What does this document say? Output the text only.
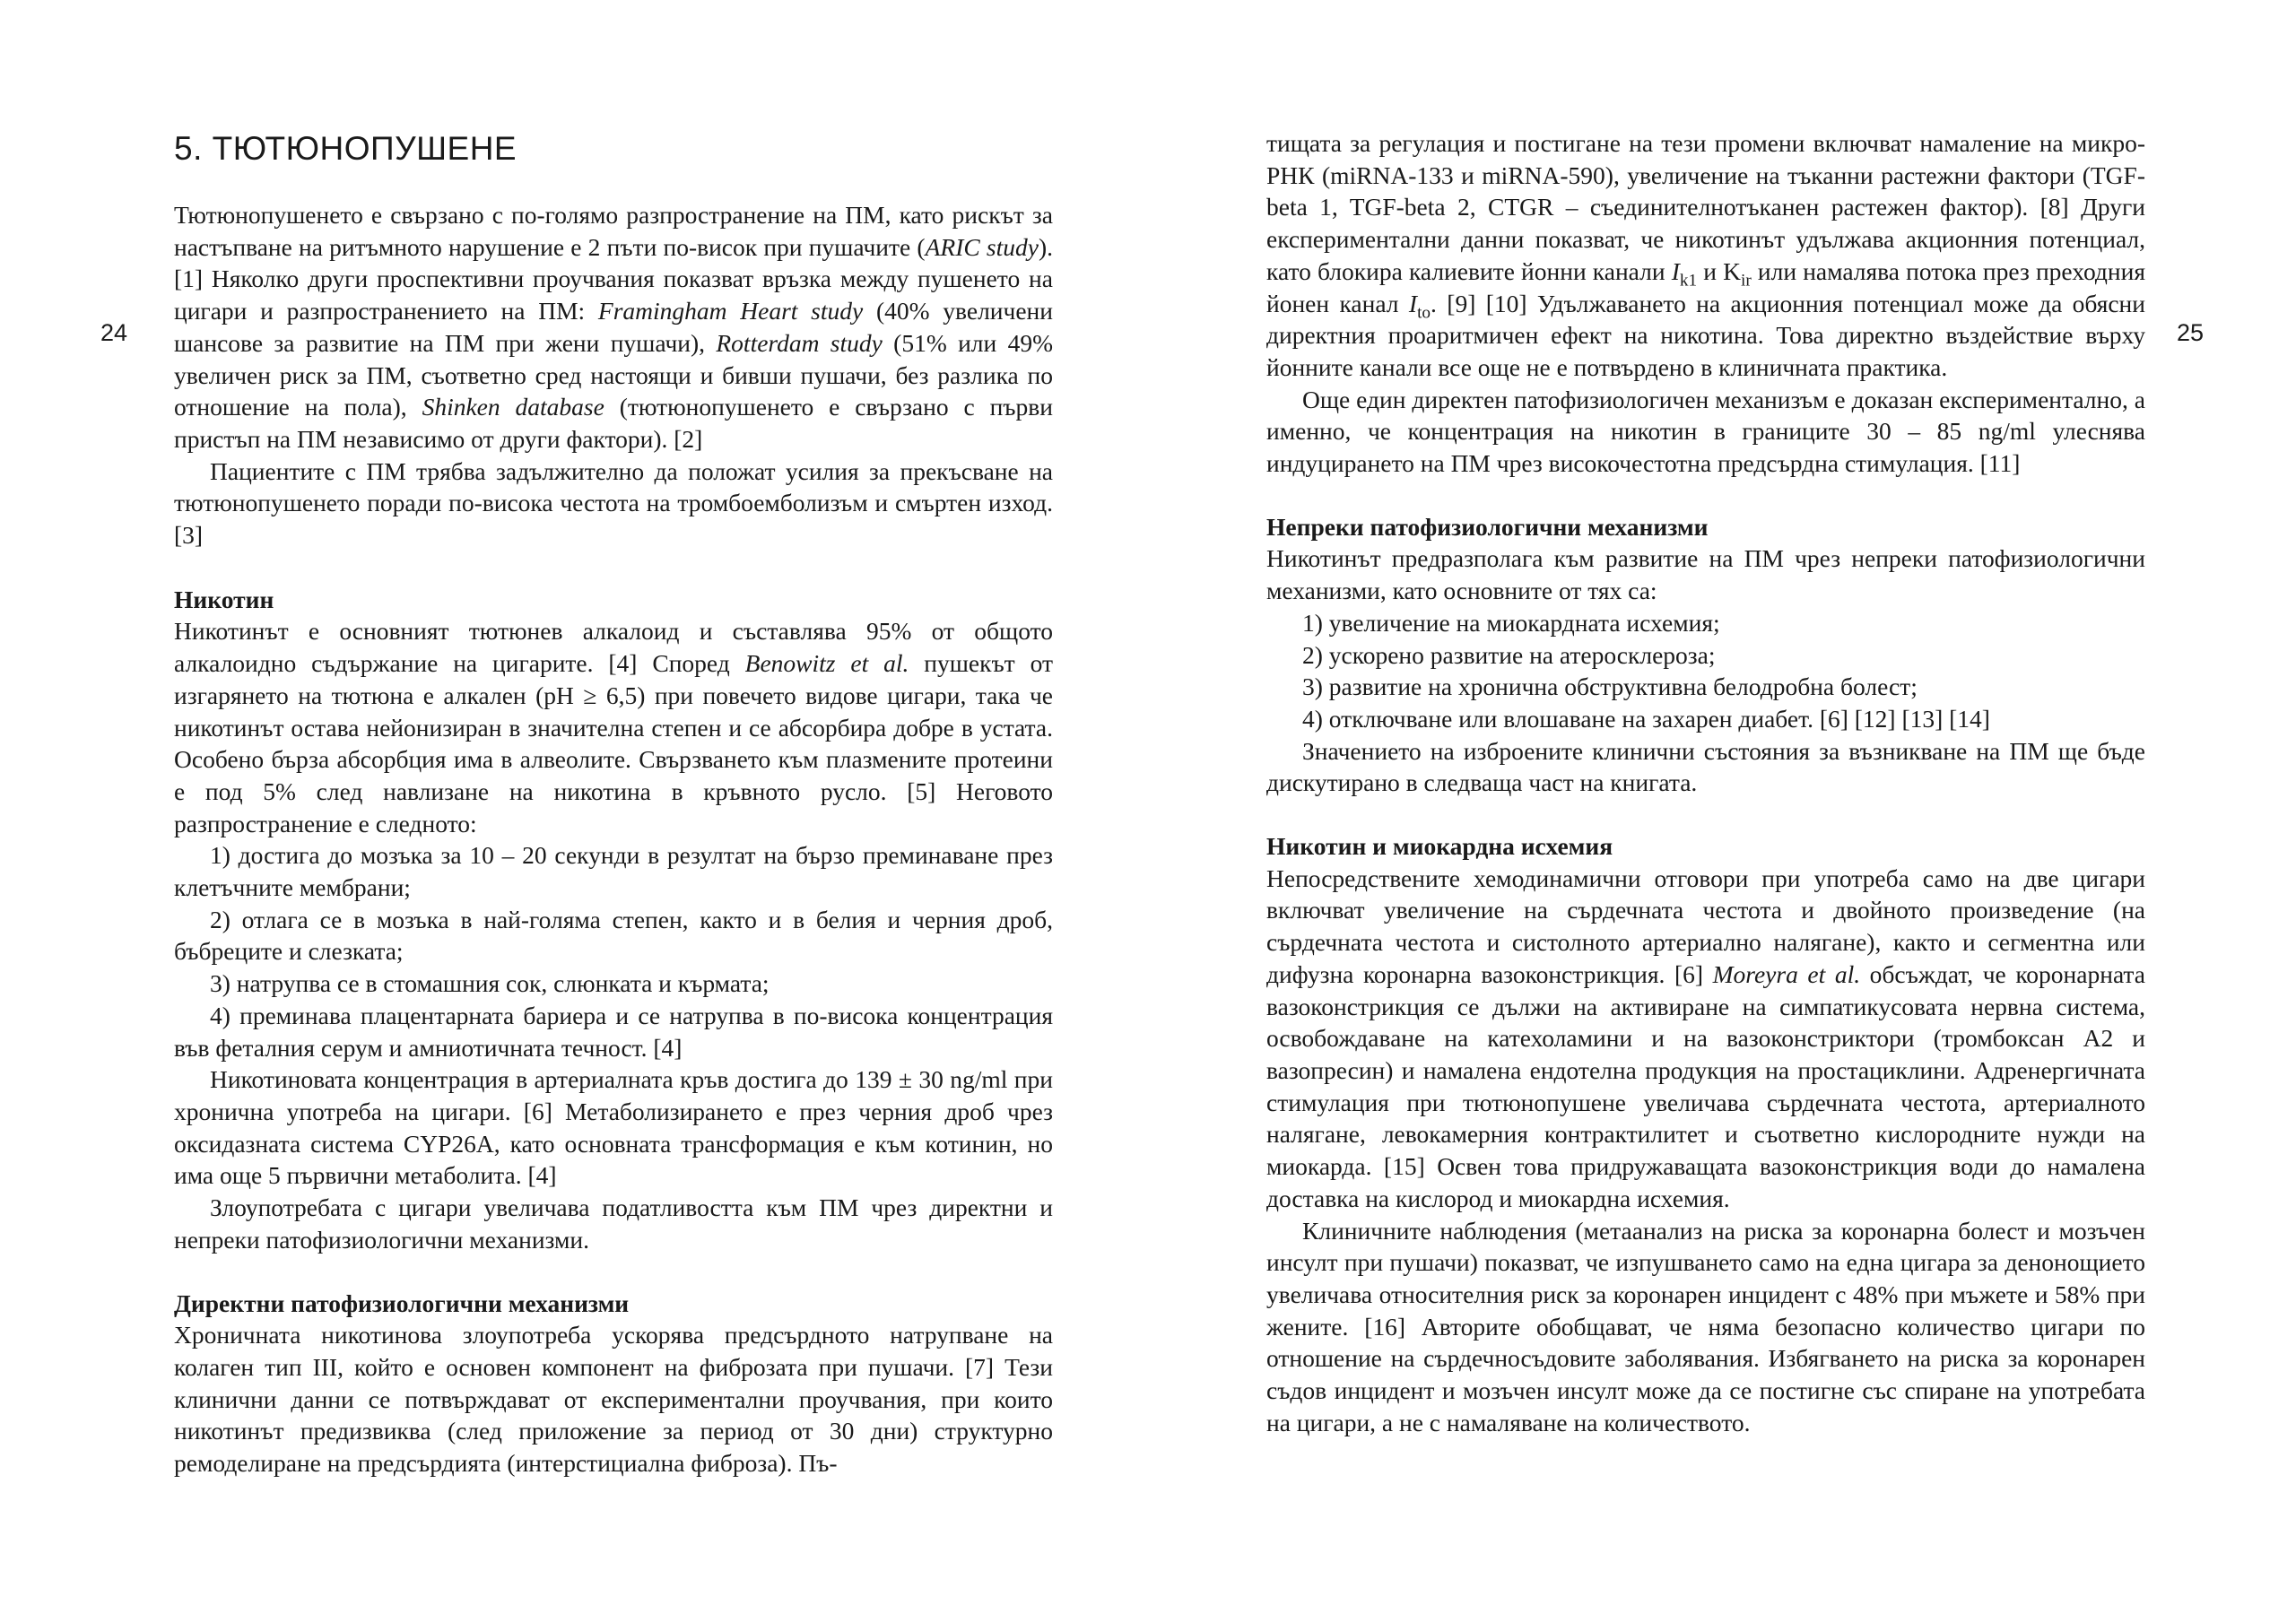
24	25
5. ТЮТЮНОПУШЕНЕ

Тютюнопушенето е свързано с по-голямо разпространение на ПМ, като рискът за настъпване на ритъмното нарушение е 2 пъти по-висок при пушачите (ARIC study). [1] Няколко други проспективни проучвания показват връзка между пушенето на цигари и разпространението на ПМ: Framingham Heart study (40% увеличени шансове за развитие на ПМ при жени пушачи), Rotterdam study (51% или 49% увеличен риск за ПМ, съответно сред настоящи и бивши пушачи, без разлика по отношение на пола), Shinken database (тютюнопушенето е свързано с първи пристъп на ПМ независимо от други фактори). [2]

Пациентите с ПМ трябва задължително да положат усилия за прекъсване на тютюнопушенето поради по-висока честота на тромбоемболизъм и смъртен изход. [3]

Никотин

Никотинът е основният тютюнев алкалоид и съставлява 95% от общото алкалоидно съдържание на цигарите. [4] Според Benowitz et al. пушекът от изгарянето на тютюна е алкален (pH ≥ 6,5) при повечето видове цигари, така че никотинът остава нейонизиран в значителна степен и се абсорбира добре в устата. Особено бърза абсорбция има в алвеолите. Свързването към плазмените протеини е под 5% след навлизане на никотина в кръвното русло. [5] Неговото разпространение е следното:

1) достига до мозъка за 10 – 20 секунди в резултат на бързо преминаване през клетъчните мембрани;

2) отлага се в мозъка в най-голяма степен, както и в белия и черния дроб, бъбреците и слезката;

3) натрупва се в стомашния сок, слюнката и кърмата;

4) преминава плацентарната бариера и се натрупва в по-висока концентрация във феталния серум и амниотичната течност. [4]

Никотиновата концентрация в артериалната кръв достига до 139 ± 30 ng/ml при хронична употреба на цигари. [6] Метаболизирането е през черния дроб чрез оксидазната система CYP26A, като основната трансформация е към котинин, но има още 5 първични метаболита. [4]

Злоупотребата с цигари увеличава податливостта към ПМ чрез директни и непреки патофизиологични механизми.

Директни патофизиологични механизми

Хроничната никотинова злоупотреба ускорява предсърдното натрупване на колаген тип III, който е основен компонент на фиброзата при пушачи. [7] Тези клинични данни се потвърждават от експериментални проучвания, при които никотинът предизвиква (след приложение за период от 30 дни) структурно ремоделиране на предсърдията (интерстициална фиброза). Пъ-

тищата за регулация и постигане на тези промени включват намаление на микро-РНК (miRNA-133 и miRNA-590), увеличение на тъканни растежни фактори (TGF-beta 1, TGF-beta 2, CTGR – съединителнотъканен растежен фактор). [8] Други експериментални данни показват, че никотинът удължава акционния потенциал, като блокира калиевите йонни канали $I_{k1}$ и $K_{ir}$ или намалява потока през преходния йонен канал $I_{to}$. [9] [10] Удължаването на акционния потенциал може да обясни директния проаритмичен ефект на никотина. Това директно въздействие върху йонните канали все още не е потвърдено в клиничната практика.

Още един директен патофизиологичен механизъм е доказан експериментално, а именно, че концентрация на никотин в границите 30 – 85 ng/ml улеснява индуцирането на ПМ чрез високочестотна предсърдна стимулация. [11]

Непреки патофизиологични механизми

Никотинът предразполага към развитие на ПМ чрез непреки патофизиологични механизми, като основните от тях са:

1) увеличение на миокардната исхемия;

2) ускорено развитие на атеросклероза;

3) развитие на хронична обструктивна белодробна болест;

4) отключване или влошаване на захарен диабет. [6] [12] [13] [14]

Значението на изброените клинични състояния за възникване на ПМ ще бъде дискутирано в следваща част на книгата.

Никотин и миокардна исхемия

Непосредствените хемодинамични отговори при употреба само на две цигари включват увеличение на сърдечната честота и двойното произведение (на сърдечната честота и систолното артериално налягане), както и сегментна или дифузна коронарна вазоконстрикция. [6] Moreyra et al. обсъждат, че коронарната вазоконстрикция се дължи на активиране на симпатикусовата нервна система, освобождаване на катехоламини и на вазоконстриктори (тромбоксан А2 и вазопресин) и намалена ендотелна продукция на простациклини. Адренергичната стимулация при тютюнопушене увеличава сърдечната честота, артериалното налягане, левокамерния контрактилитет и съответно кислородните нужди на миокарда. [15] Освен това придружаващата вазоконстрикция води до намалена доставка на кислород и миокардна исхемия.

Клиничните наблюдения (метаанализ на риска за коронарна болест и мозъчен инсулт при пушачи) показват, че изпушването само на една цигара за денонощието увеличава относителния риск за коронарен инцидент с 48% при мъжете и 58% при жените. [16] Авторите обобщават, че няма безопасно количество цигари по отношение на сърдечносъдовите заболявания. Избягването на риска за коронарен съдов инцидент и мозъчен инсулт може да се постигне със спиране на употребата на цигари, а не с намаляване на количеството.
